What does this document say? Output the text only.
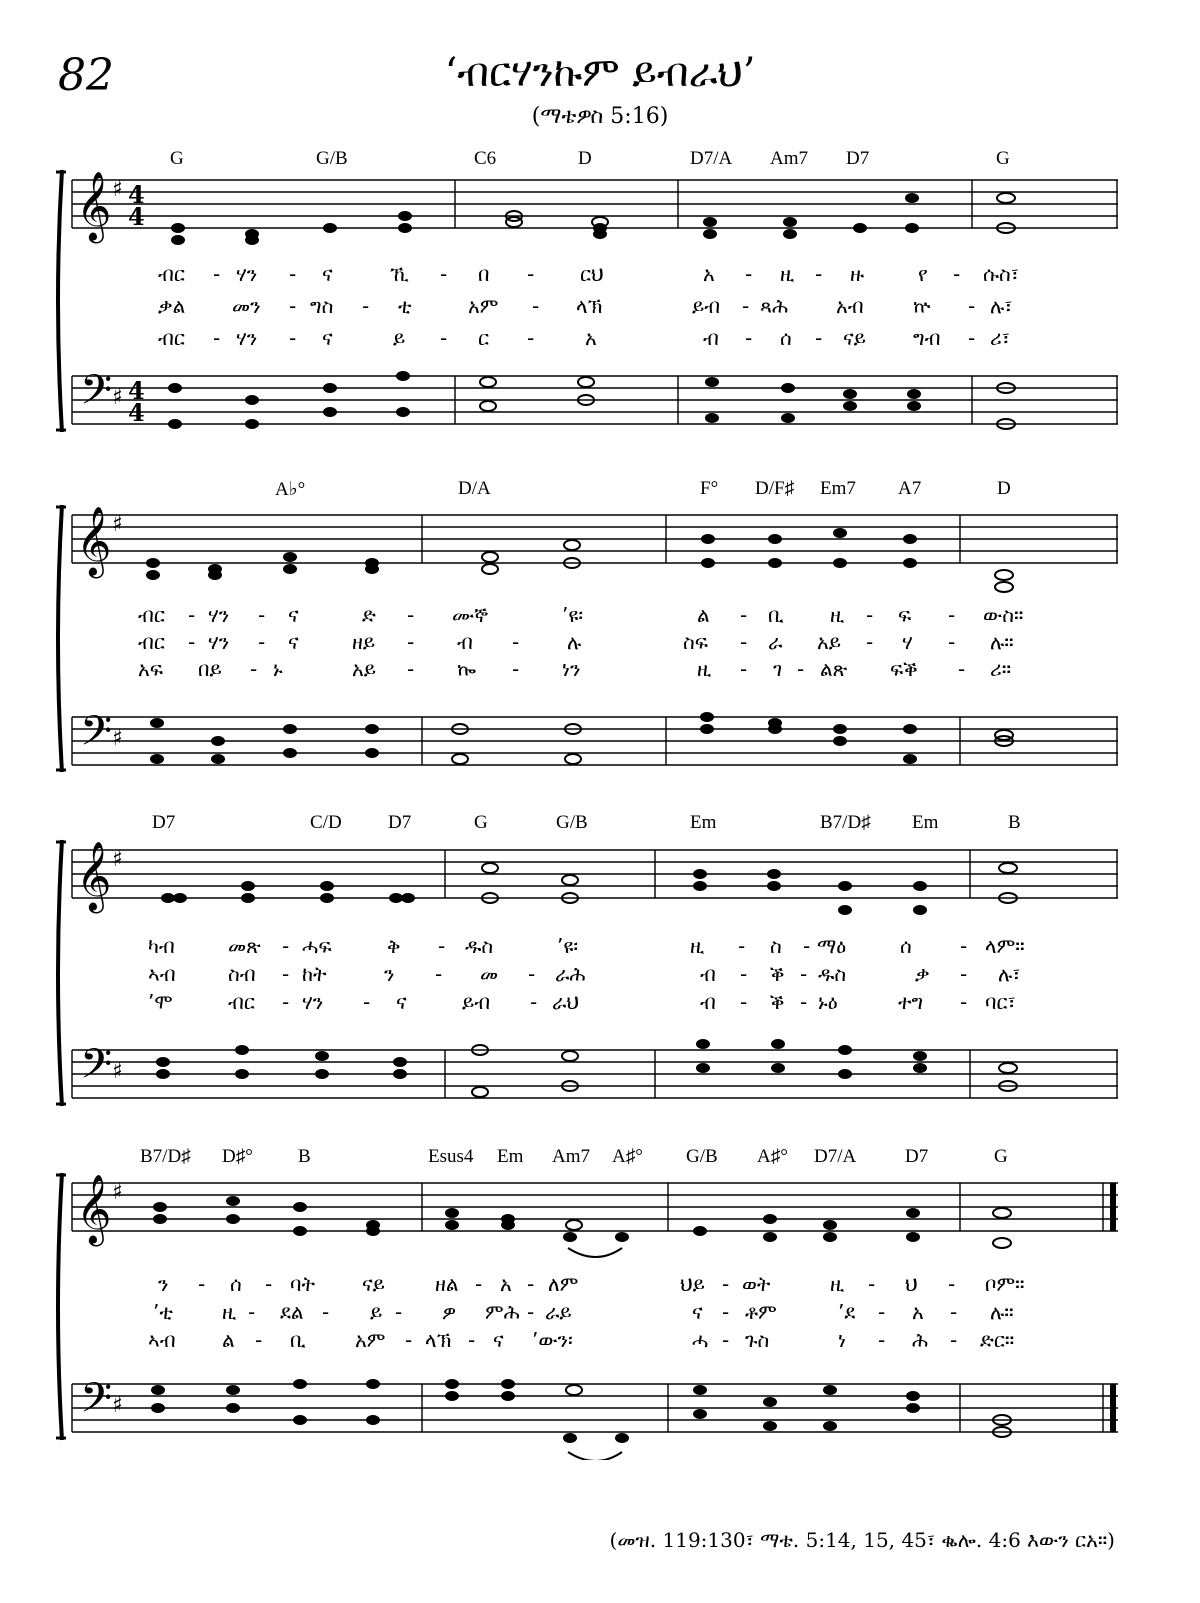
82	‘ብርሃንኩም ይብራህ’
(ማቴዎስ 5:16)
G	G/B	C6	D	D7/A Am7 D7	G
𝄞
𝄢
♯
♯
4
4
4
4
ብር - ሃን - ና	ኺ - በ - ርህ	አ - ዚ - ዙ	የ - ሱስ፣
ቃል መን - ግስ - ቲ	አም - ላኽ	ይብ - ጻሕ አብ ኵ - ሉ፣
ብር - ሃን - ና	ይ - ር -	አ	ብ - ሰ - ናይ ግብ - ሪ፣
A♭°	D/A	F° D/F♯ Em7 A7	D
𝄞
𝄢
♯
♯
ብር - ሃን - ና	ድ - ሙኞ	’ዩ፡	ል - ቢ ዚ - ፍ - ውስ።
ብር - ሃን - ና	ዘይ - ብ - ሉ	ስፍ - ራ አይ - ሃ - ሉ።
አፍ በይ - ኑ	አይ - ኰ - ነን	ዚ - ገ - ልጽ ፍቕ - ሪ።
D7	C/D D7	G	G/B	Em	B7/D♯ Em	B
𝄞
𝄢
♯
♯
ካብ	መጽ - ሓፍ	ቅ - ዱስ	’ዩ፡	ዚ - ስ - ማዕ	ሰ - ላም።
ኣብ	ስብ - ከት	ን - መ - ራሕ	ብ - ቕ - ዱስ	ቃ - ሉ፣
’ሞ	ብር - ሃን - ና	ይብ - ራህ	ብ - ቕ - ኑዕ	ተግ - ባር፣
B7/D♯ D♯° B	Esus4 Em Am7 A♯° G/B A♯° D7/A	D7	G
𝄞
𝄢
♯
♯
ን - ሰ - ባት ናይ	ዘል - አ - ለም	ህይ - ወት	ዚ - ህ - ቦም።
’ቲ ዚ - ደል - ይ - ዎ ምሕ - ራይ	ና - ቶም	’ደ - አ - ሉ።
ኣብ ል - ቢ አም - ላኽ - ና ’ውን፡	ሓ - ጉስ	ነ - ሕ - ድር።
(መዝ. 119:130፣ ማቴ. 5:14, 15, 45፣ ቈሎ. 4:6 እውን ርአ።)
